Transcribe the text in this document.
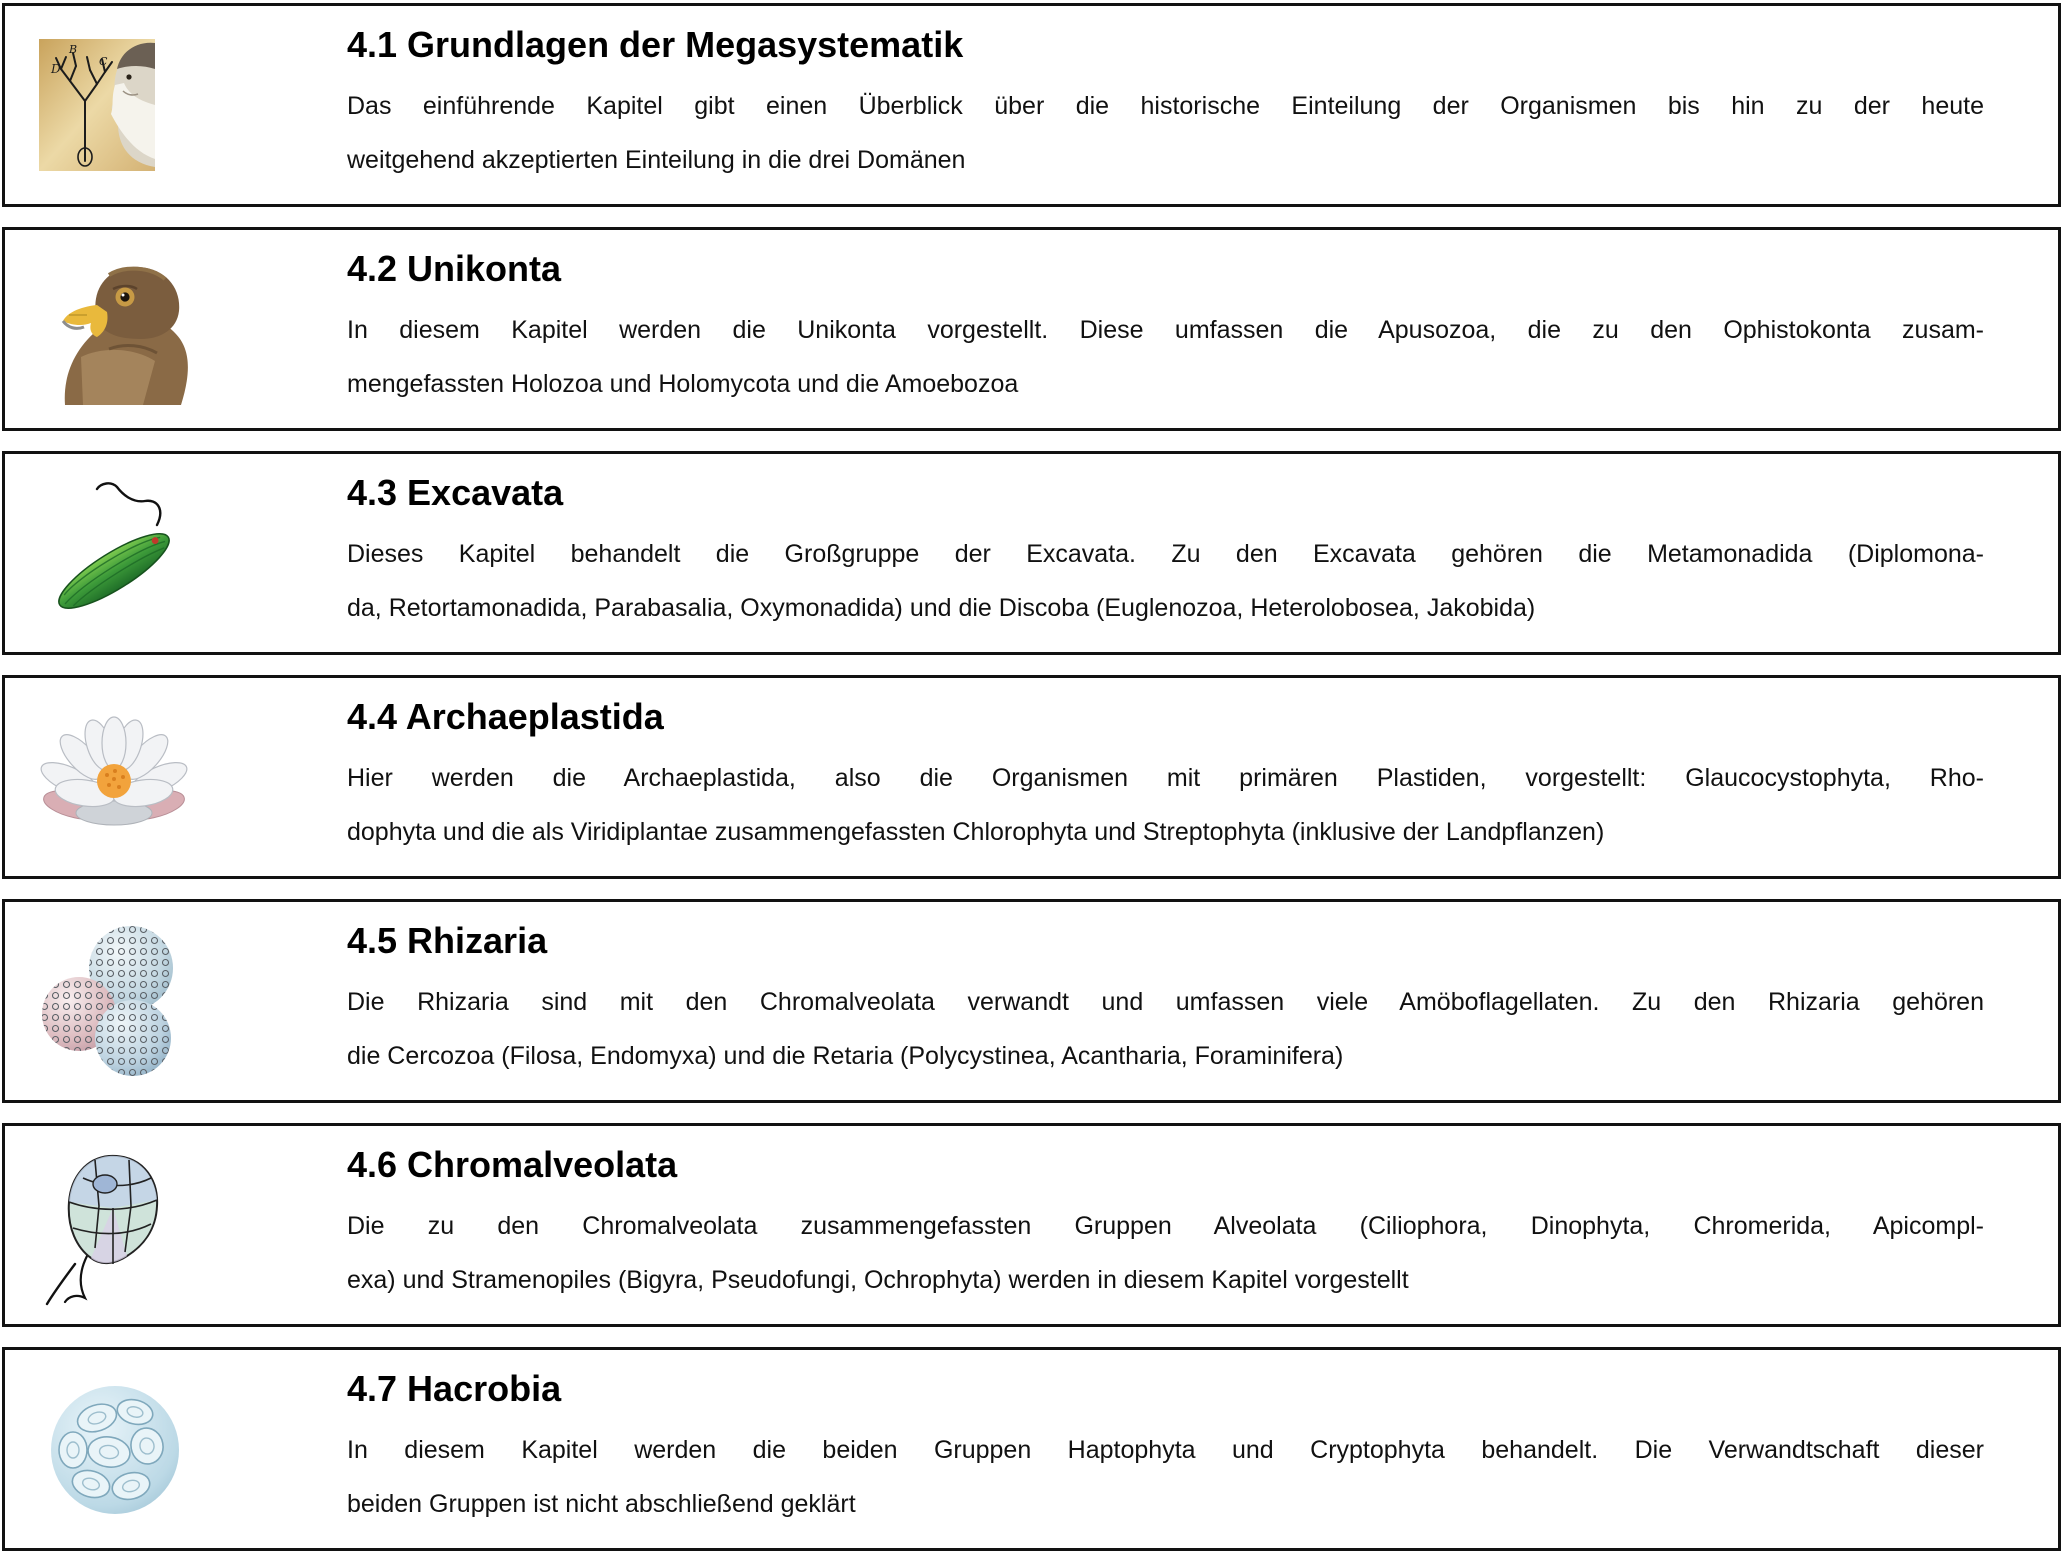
D
B
C	4.1 Grundlagen der Megasystematik
Das einführende Kapitel gibt einen Überblick über die historische Einteilung der Organismen bis hin zu der heute
weitgehend akzeptierten Einteilung in die drei Domänen
4.2 Unikonta
In diesem Kapitel werden die Unikonta vorgestellt. Diese umfassen die Apusozoa, die zu den Ophistokonta zusam-
mengefassten Holozoa und Holomycota und die Amoebozoa
4.3 Excavata
Dieses Kapitel behandelt die Großgruppe der Excavata. Zu den Excavata gehören die Metamonadida (Diplomona-
da, Retortamonadida, Parabasalia, Oxymonadida) und die Discoba (Euglenozoa, Heterolobosea, Jakobida)
4.4 Archaeplastida
Hier werden die Archaeplastida, also die Organismen mit primären Plastiden, vorgestellt: Glaucocystophyta, Rho-
dophyta und die als Viridiplantae zusammengefassten Chlorophyta und Streptophyta (inklusive der Landpflanzen)
4.5 Rhizaria
Die Rhizaria sind mit den Chromalveolata verwandt und umfassen viele Amöboflagellaten. Zu den Rhizaria gehören
die Cercozoa (Filosa, Endomyxa) und die Retaria (Polycystinea, Acantharia, Foraminifera)
4.6 Chromalveolata
Die zu den Chromalveolata zusammengefassten Gruppen Alveolata (Ciliophora, Dinophyta, Chromerida, Apicompl-
exa) und Stramenopiles (Bigyra, Pseudofungi, Ochrophyta) werden in diesem Kapitel vorgestellt
4.7 Hacrobia
In diesem Kapitel werden die beiden Gruppen Haptophyta und Cryptophyta behandelt. Die Verwandtschaft dieser
beiden Gruppen ist nicht abschließend geklärt
